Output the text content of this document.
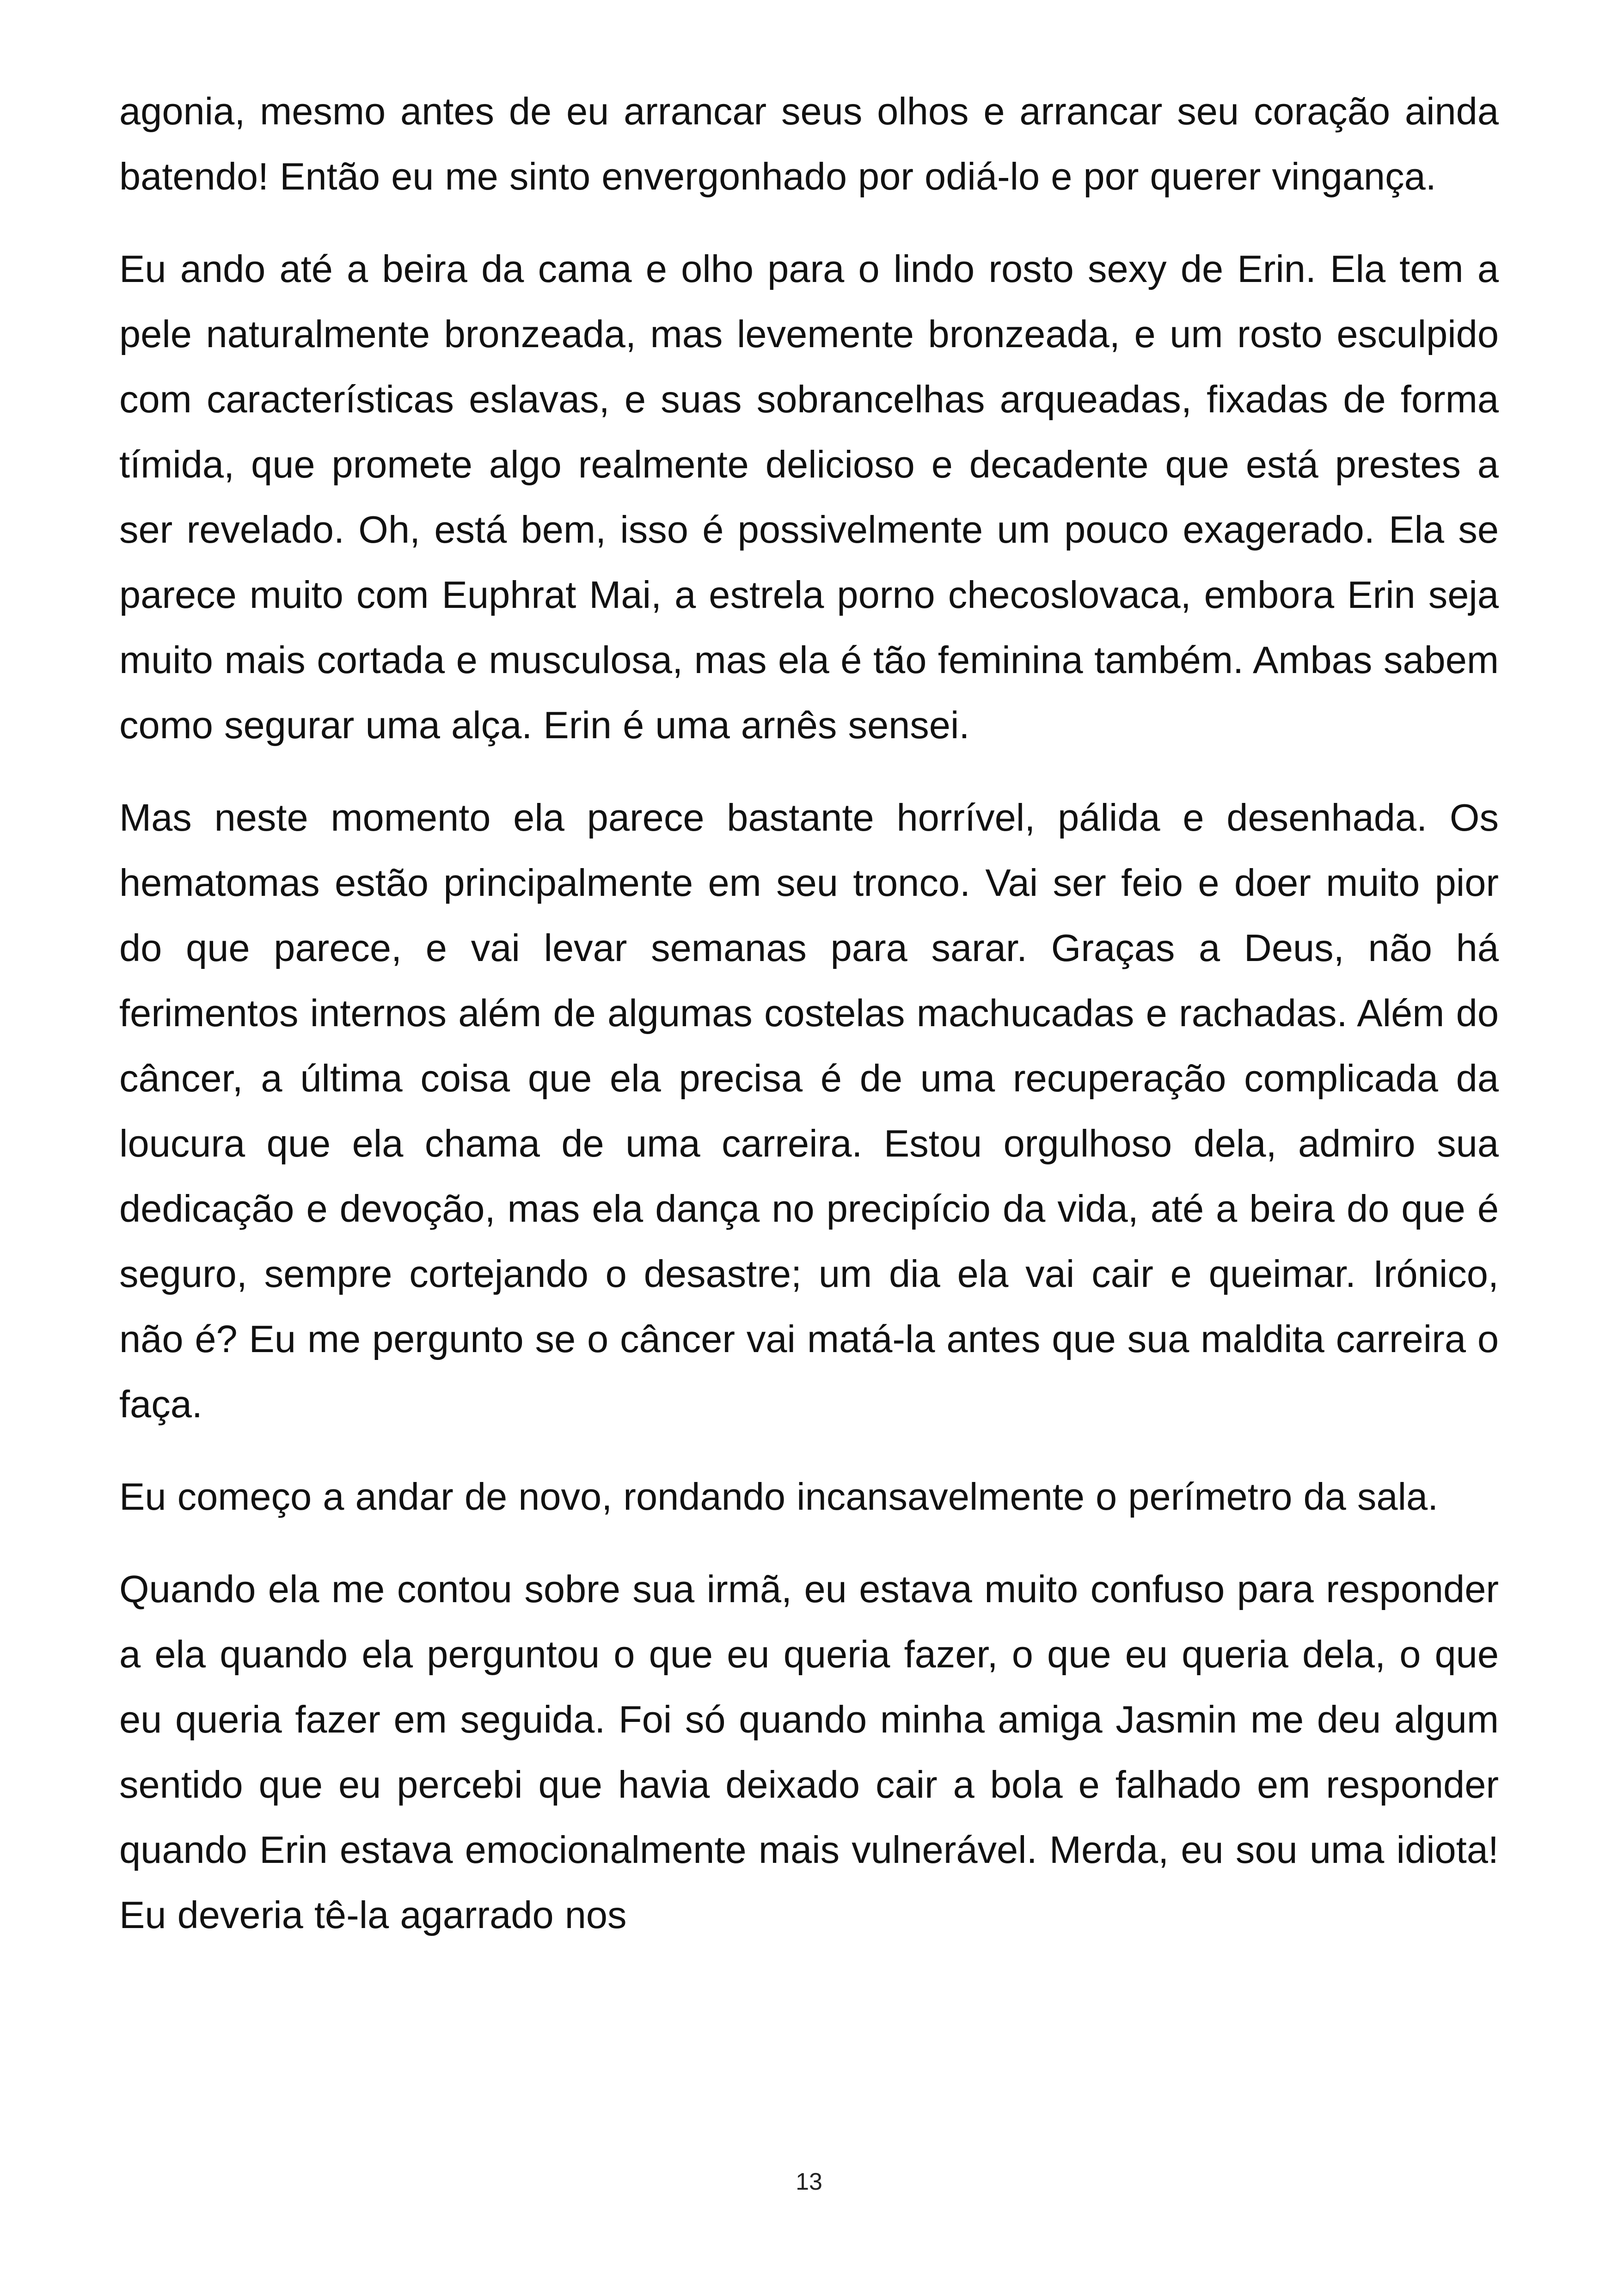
agonia, mesmo antes de eu arrancar seus olhos e arrancar seu coração ainda batendo! Então eu me sinto envergonhado por odiá-lo e por querer vingança.

Eu ando até a beira da cama e olho para o lindo rosto sexy de Erin. Ela tem a pele naturalmente bronzeada, mas levemente bronzeada, e um rosto esculpido com características eslavas, e suas sobrancelhas arqueadas, fixadas de forma tímida, que promete algo realmente delicioso e decadente que está prestes a ser revelado. Oh, está bem, isso é possivelmente um pouco exagerado. Ela se parece muito com Euphrat Mai, a estrela porno checoslovaca, embora Erin seja muito mais cortada e musculosa, mas ela é tão feminina também. Ambas sabem como segurar uma alça. Erin é uma arnês sensei.

Mas neste momento ela parece bastante horrível, pálida e desenhada. Os hematomas estão principalmente em seu tronco. Vai ser feio e doer muito pior do que parece, e vai levar semanas para sarar. Graças a Deus, não há ferimentos internos além de algumas costelas machucadas e rachadas. Além do câncer, a última coisa que ela precisa é de uma recuperação complicada da loucura que ela chama de uma carreira. Estou orgulhoso dela, admiro sua dedicação e devoção, mas ela dança no precipício da vida, até a beira do que é seguro, sempre cortejando o desastre; um dia ela vai cair e queimar. Irónico, não é? Eu me pergunto se o câncer vai matá-la antes que sua maldita carreira o faça.

Eu começo a andar de novo, rondando incansavelmente o perímetro da sala.

Quando ela me contou sobre sua irmã, eu estava muito confuso para responder a ela quando ela perguntou o que eu queria fazer, o que eu queria dela, o que eu queria fazer em seguida. Foi só quando minha amiga Jasmin me deu algum sentido que eu percebi que havia deixado cair a bola e falhado em responder quando Erin estava emocionalmente mais vulnerável. Merda, eu sou uma idiota! Eu deveria tê-la agarrado nos

13
